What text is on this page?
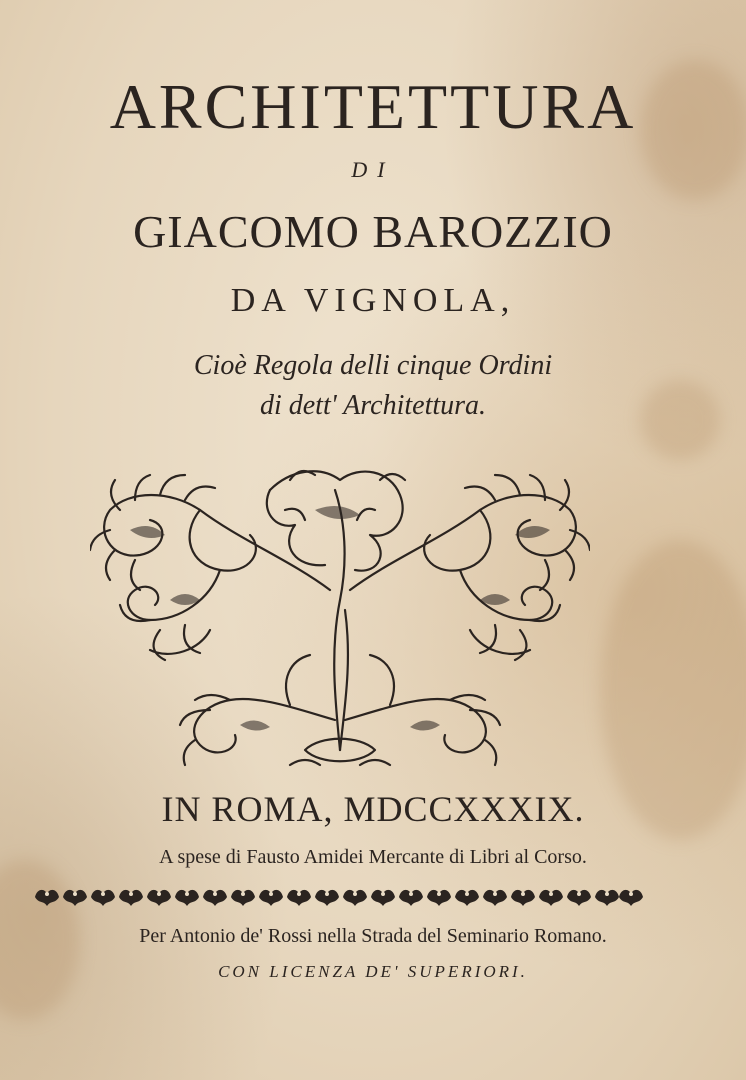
ARCHITETTURA
DI
GIACOMO BAROZZIO
DA VIGNOLA,
Cioè Regola delli cinque Ordini
di dett' Architettura.
IN ROMA, MDCCXXXIX.
A spese di Fausto Amidei Mercante di Libri al Corso.
Per Antonio de' Rossi nella Strada del Seminario Romano.
CON LICENZA DE' SUPERIORI.
